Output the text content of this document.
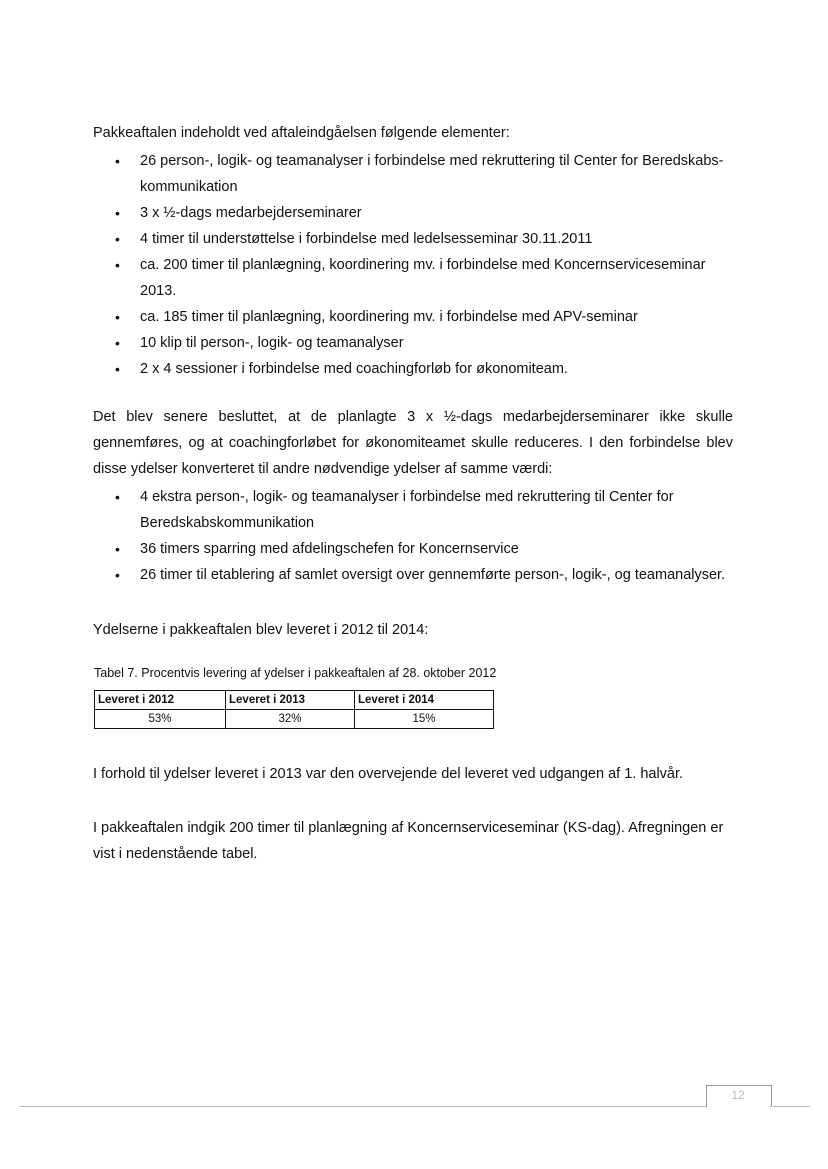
Pakkeaftalen indeholdt ved aftaleindgåelsen følgende elementer:

• 26 person-, logik- og teamanalyser i forbindelse med rekruttering til Center for Beredskabs-kommunikation
• 3 x ½-dags medarbejderseminarer
• 4 timer til understøttelse i forbindelse med ledelsesseminar 30.11.2011
• ca. 200 timer til planlægning, koordinering mv. i forbindelse med Koncernserviceseminar 2013.
• ca. 185 timer til planlægning, koordinering mv. i forbindelse med APV-seminar
• 10 klip til person-, logik- og teamanalyser
• 2 x 4 sessioner i forbindelse med coachingforløb for økonomiteam.

Det blev senere besluttet, at de planlagte 3 x ½-dags medarbejderseminarer ikke skulle gennemføres, og at coachingforløbet for økonomiteamet skulle reduceres. I den forbindelse blev disse ydelser konverteret til andre nødvendige ydelser af samme værdi:

• 4 ekstra person-, logik- og teamanalyser i forbindelse med rekruttering til Center for Beredskabskommunikation
• 36 timers sparring med afdelingschefen for Koncernservice
• 26 timer til etablering af samlet oversigt over gennemførte person-, logik-, og teamanalyser.

Ydelserne i pakkeaftalen blev leveret i 2012 til 2014:

Tabel 7. Procentvis levering af ydelser i pakkeaftalen af 28. oktober 2012

Leveret i 2012	Leveret i 2013	Leveret i 2014
53%	32%	15%

I forhold til ydelser leveret i 2013 var den overvejende del leveret ved udgangen af 1. halvår.

I pakkeaftalen indgik 200 timer til planlægning af Koncernserviceseminar (KS-dag). Afregningen er vist i nedenstående tabel.

12
